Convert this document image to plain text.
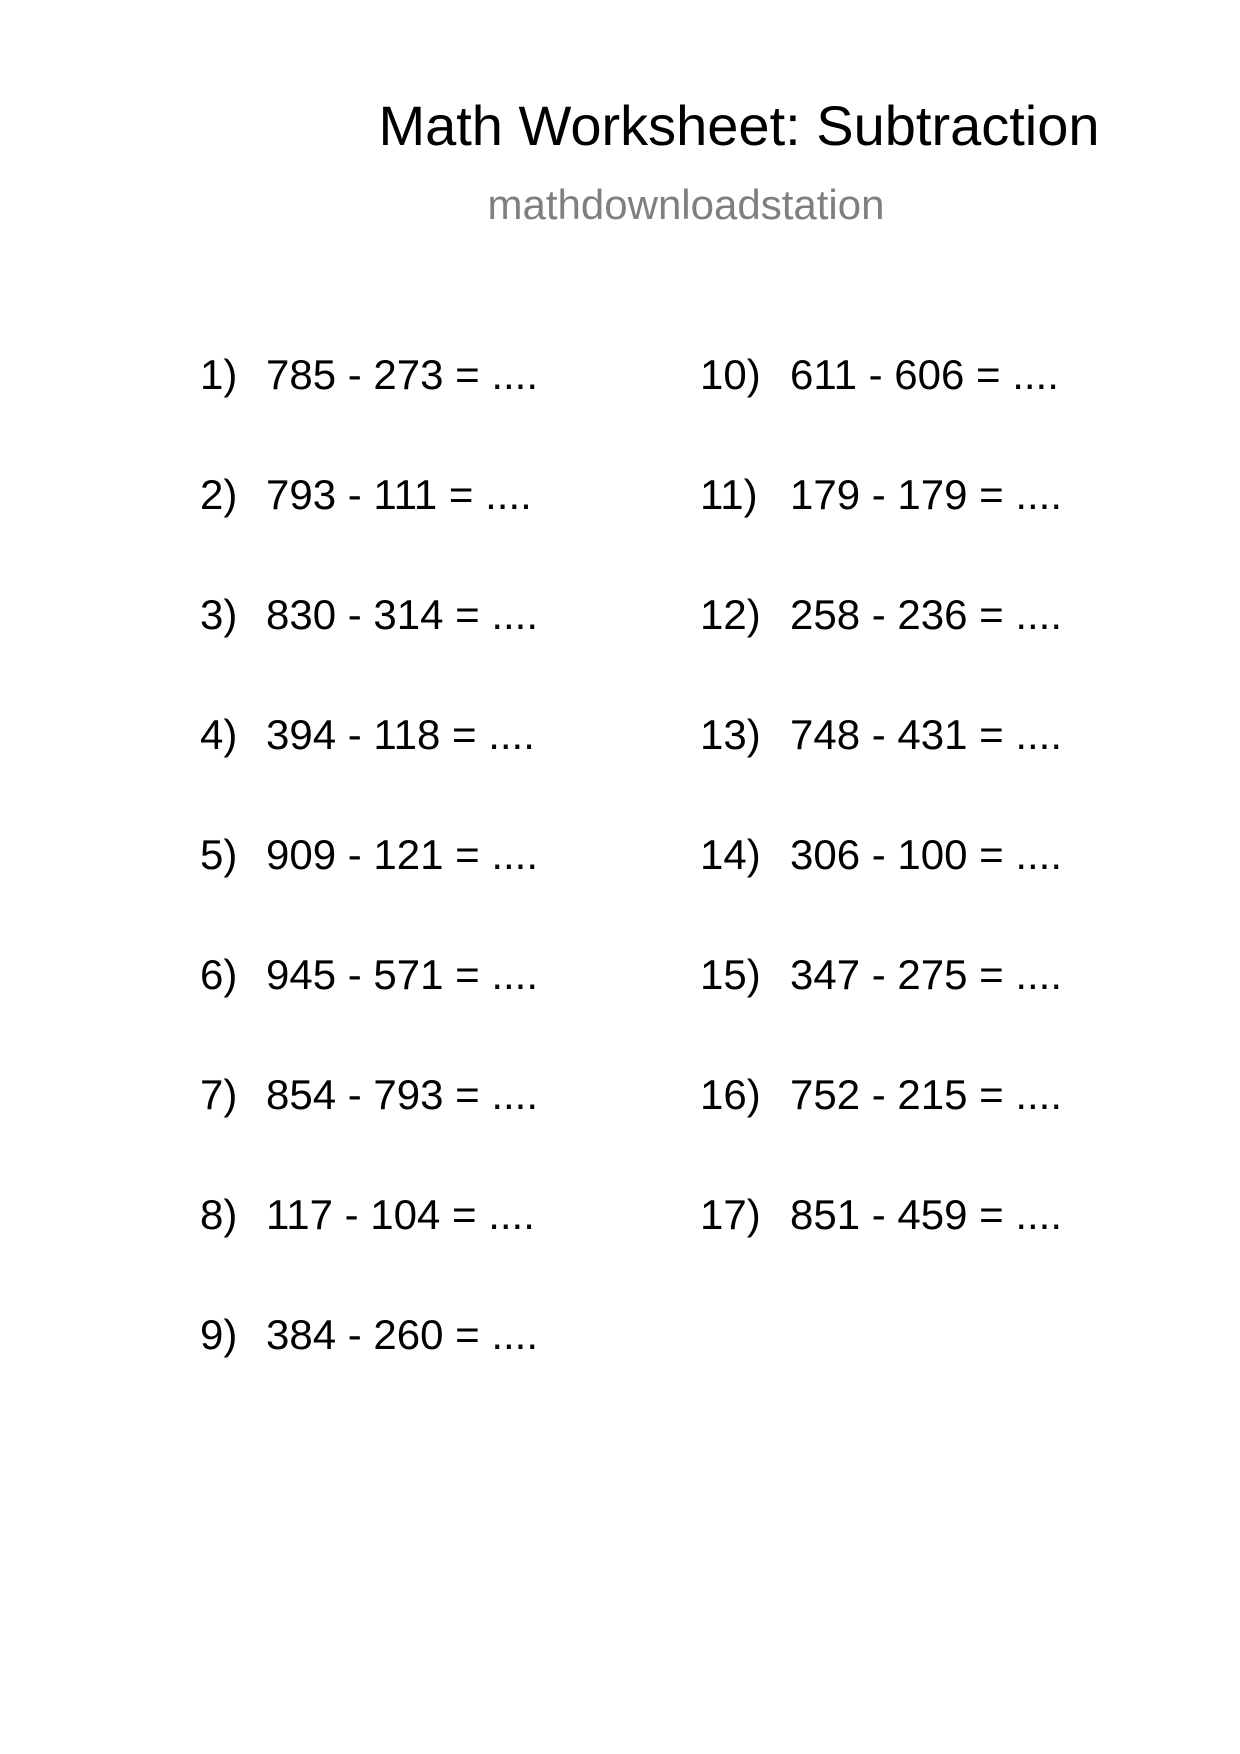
Math Worksheet: Subtraction
mathdownloadstation
1) 785 - 273 = ....
2) 793 - 111 = ....
3) 830 - 314 = ....
4) 394 - 118 = ....
5) 909 - 121 = ....
6) 945 - 571 = ....
7) 854 - 793 = ....
8) 117 - 104 = ....
9) 384 - 260 = ....
10) 611 - 606 = ....
11) 179 - 179 = ....
12) 258 - 236 = ....
13) 748 - 431 = ....
14) 306 - 100 = ....
15) 347 - 275 = ....
16) 752 - 215 = ....
17) 851 - 459 = ....
